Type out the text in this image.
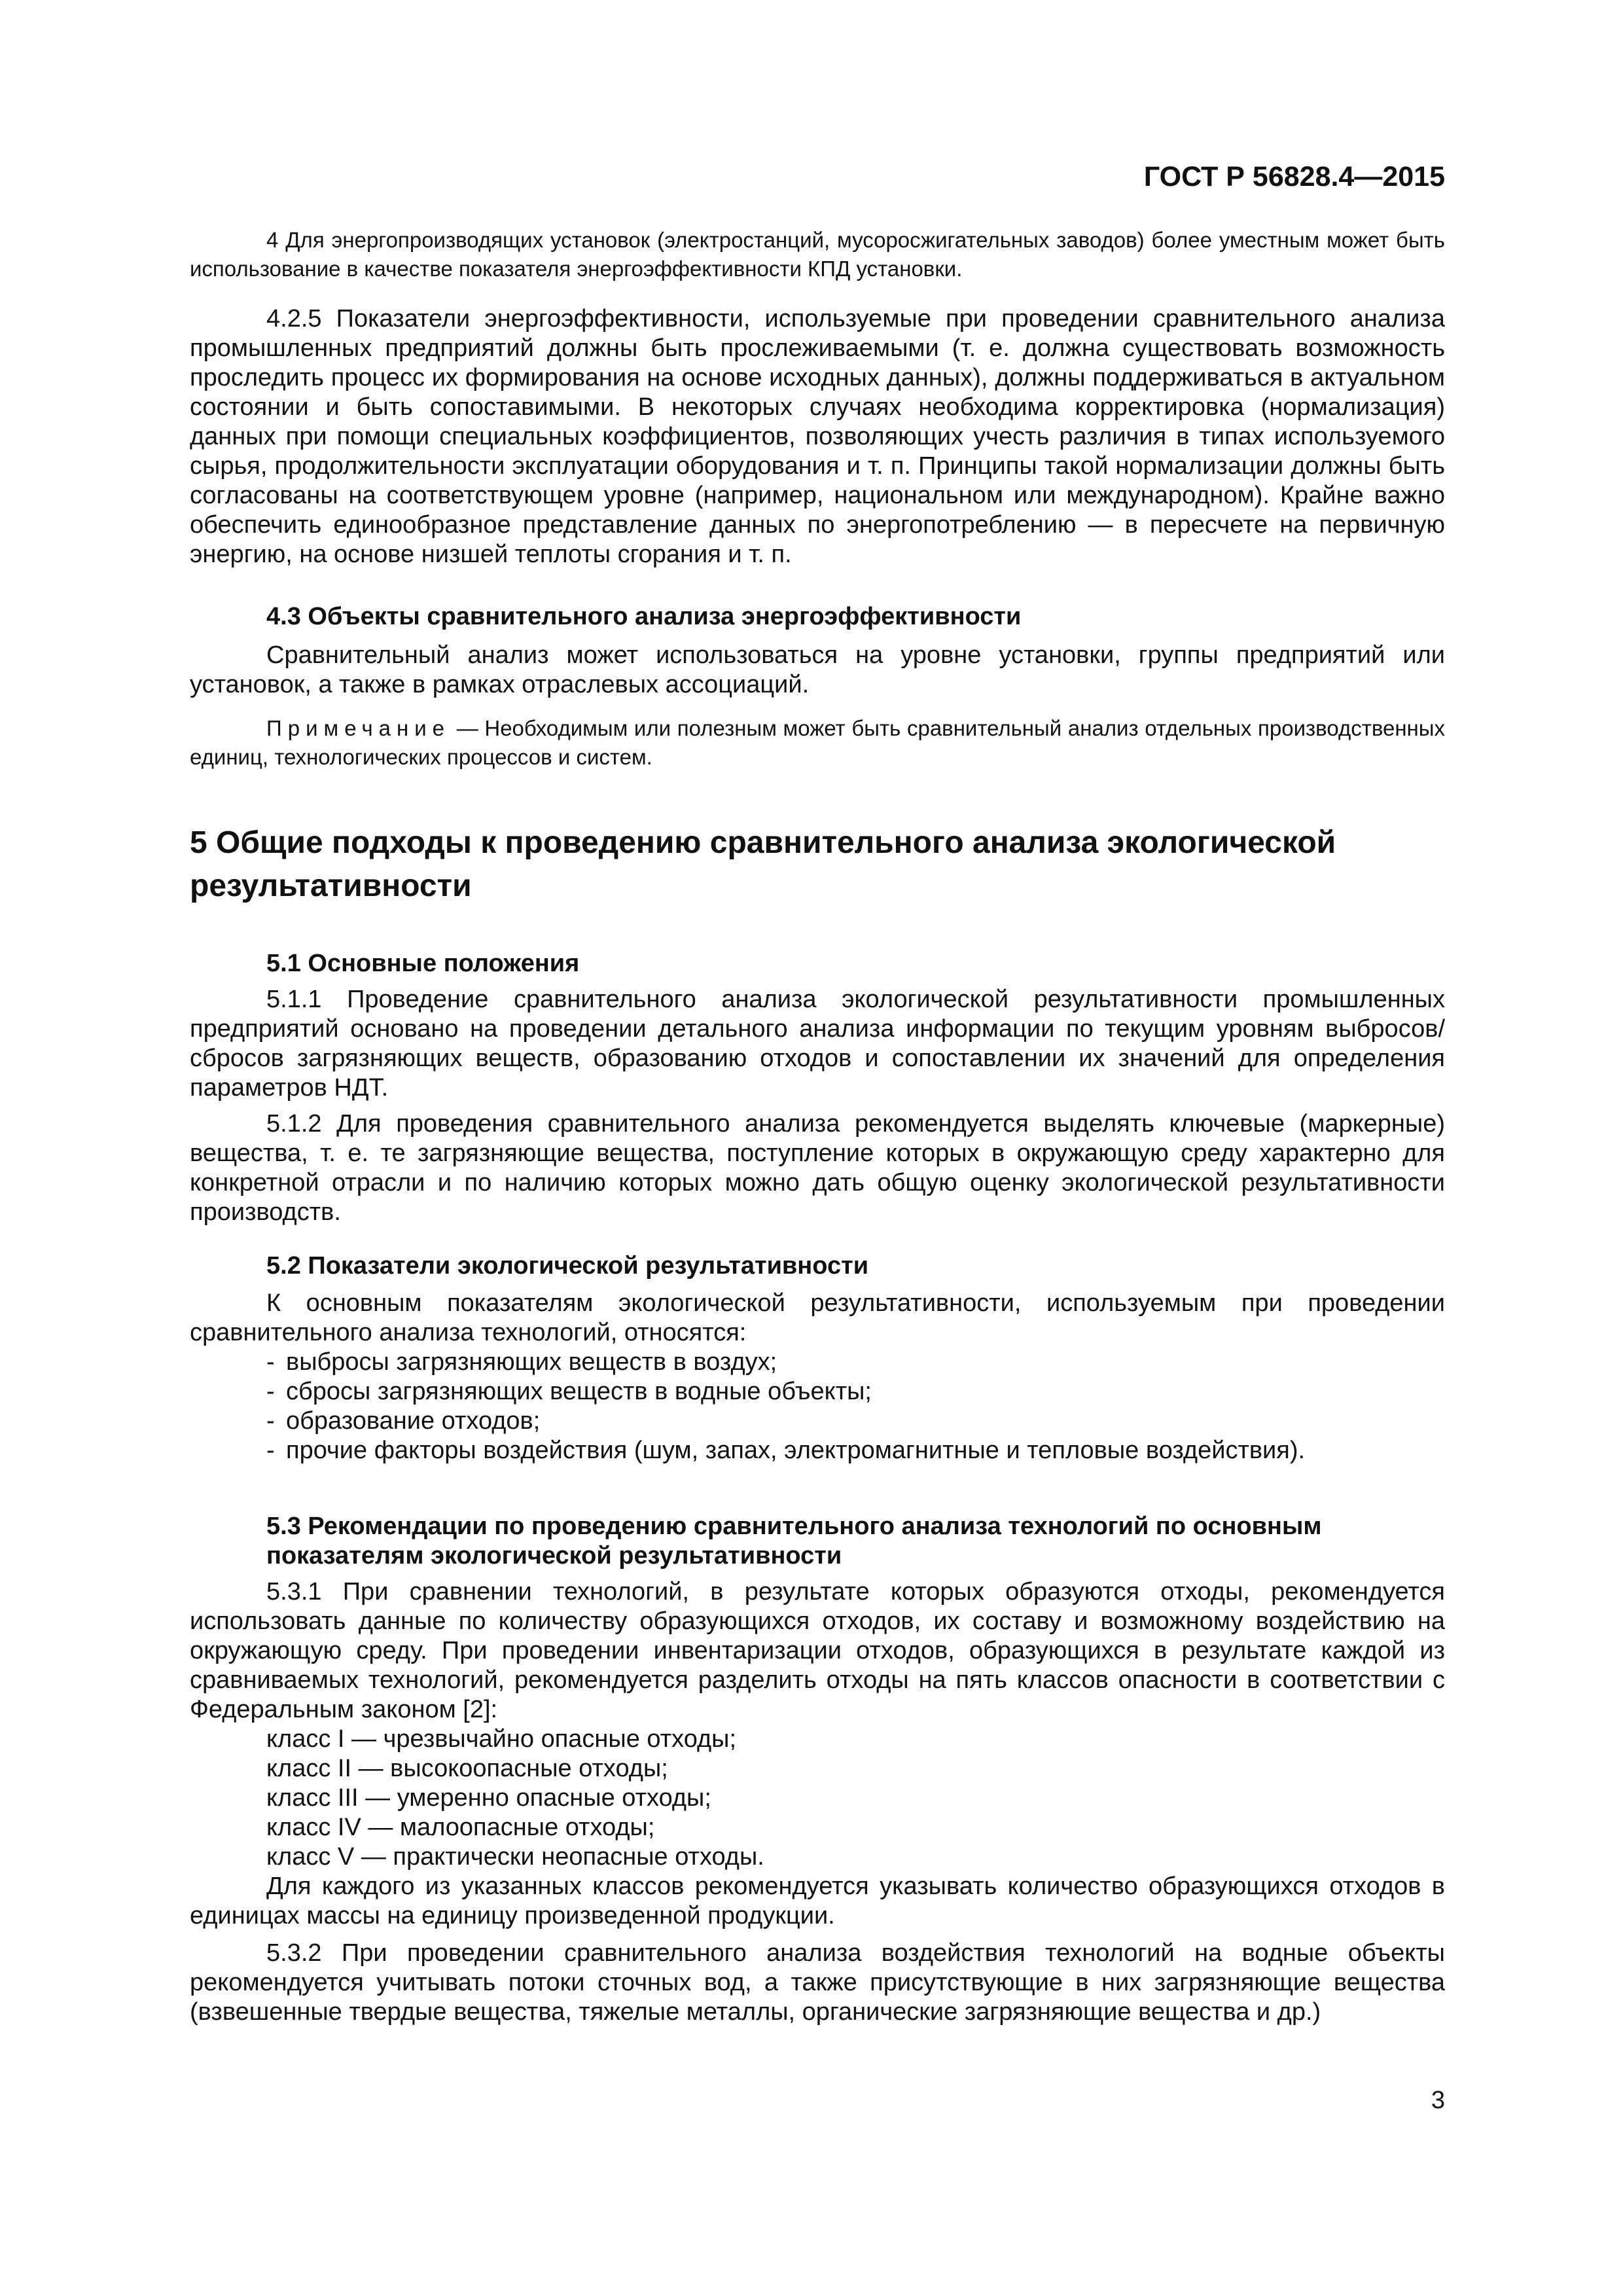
ГОСТ Р 56828.4—2015

4 Для энергопроизводящих установок (электростанций, мусоросжигательных заводов) более уместным может быть использование в качестве показателя энергоэффективности КПД установки.

4.2.5 Показатели энергоэффективности, используемые при проведении сравнительного анализа промышленных предприятий должны быть прослеживаемыми (т. е. должна существовать возможность проследить процесс их формирования на основе исходных данных), должны поддерживаться в актуальном состоянии и быть сопоставимыми. В некоторых случаях необходима корректировка (нормализация) данных при помощи специальных коэффициентов, позволяющих учесть различия в типах используемого сырья, продолжительности эксплуатации оборудования и т. п. Принципы такой нормализации должны быть согласованы на соответствующем уровне (например, национальном или международном). Крайне важно обеспечить единообразное представление данных по энергопотреблению — в пересчете на первичную энергию, на основе низшей теплоты сгорания и т. п.

4.3 Объекты сравнительного анализа энергоэффективности

Сравнительный анализ может использоваться на уровне установки, группы предприятий или установок, а также в рамках отраслевых ассоциаций.

Примечание — Необходимым или полезным может быть сравнительный анализ отдельных производственных единиц, технологических процессов и систем.

5 Общие подходы к проведению сравнительного анализа экологической результативности

5.1 Основные положения

5.1.1 Проведение сравнительного анализа экологической результативности промышленных предприятий основано на проведении детального анализа информации по текущим уровням выбросов/сбросов загрязняющих веществ, образованию отходов и сопоставлении их значений для определения параметров НДТ.

5.1.2 Для проведения сравнительного анализа рекомендуется выделять ключевые (маркерные) вещества, т. е. те загрязняющие вещества, поступление которых в окружающую среду характерно для конкретной отрасли и по наличию которых можно дать общую оценку экологической результативности производств.

5.2 Показатели экологической результативности

К основным показателям экологической результативности, используемым при проведении сравнительного анализа технологий, относятся:

- выбросы загрязняющих веществ в воздух;

- сбросы загрязняющих веществ в водные объекты;

- образование отходов;

- прочие факторы воздействия (шум, запах, электромагнитные и тепловые воздействия).

5.3 Рекомендации по проведению сравнительного анализа технологий по основным показателям экологической результативности

5.3.1 При сравнении технологий, в результате которых образуются отходы, рекомендуется использовать данные по количеству образующихся отходов, их составу и возможному воздействию на окружающую среду. При проведении инвентаризации отходов, образующихся в результате каждой из сравниваемых технологий, рекомендуется разделить отходы на пять классов опасности в соответствии с Федеральным законом [2]:

класс I — чрезвычайно опасные отходы;

класс II — высокоопасные отходы;

класс III — умеренно опасные отходы;

класс IV — малоопасные отходы;

класс V — практически неопасные отходы.

Для каждого из указанных классов рекомендуется указывать количество образующихся отходов в единицах массы на единицу произведенной продукции.

5.3.2 При проведении сравнительного анализа воздействия технологий на водные объекты рекомендуется учитывать потоки сточных вод, а также присутствующие в них загрязняющие вещества (взвешенные твердые вещества, тяжелые металлы, органические загрязняющие вещества и др.)

3
